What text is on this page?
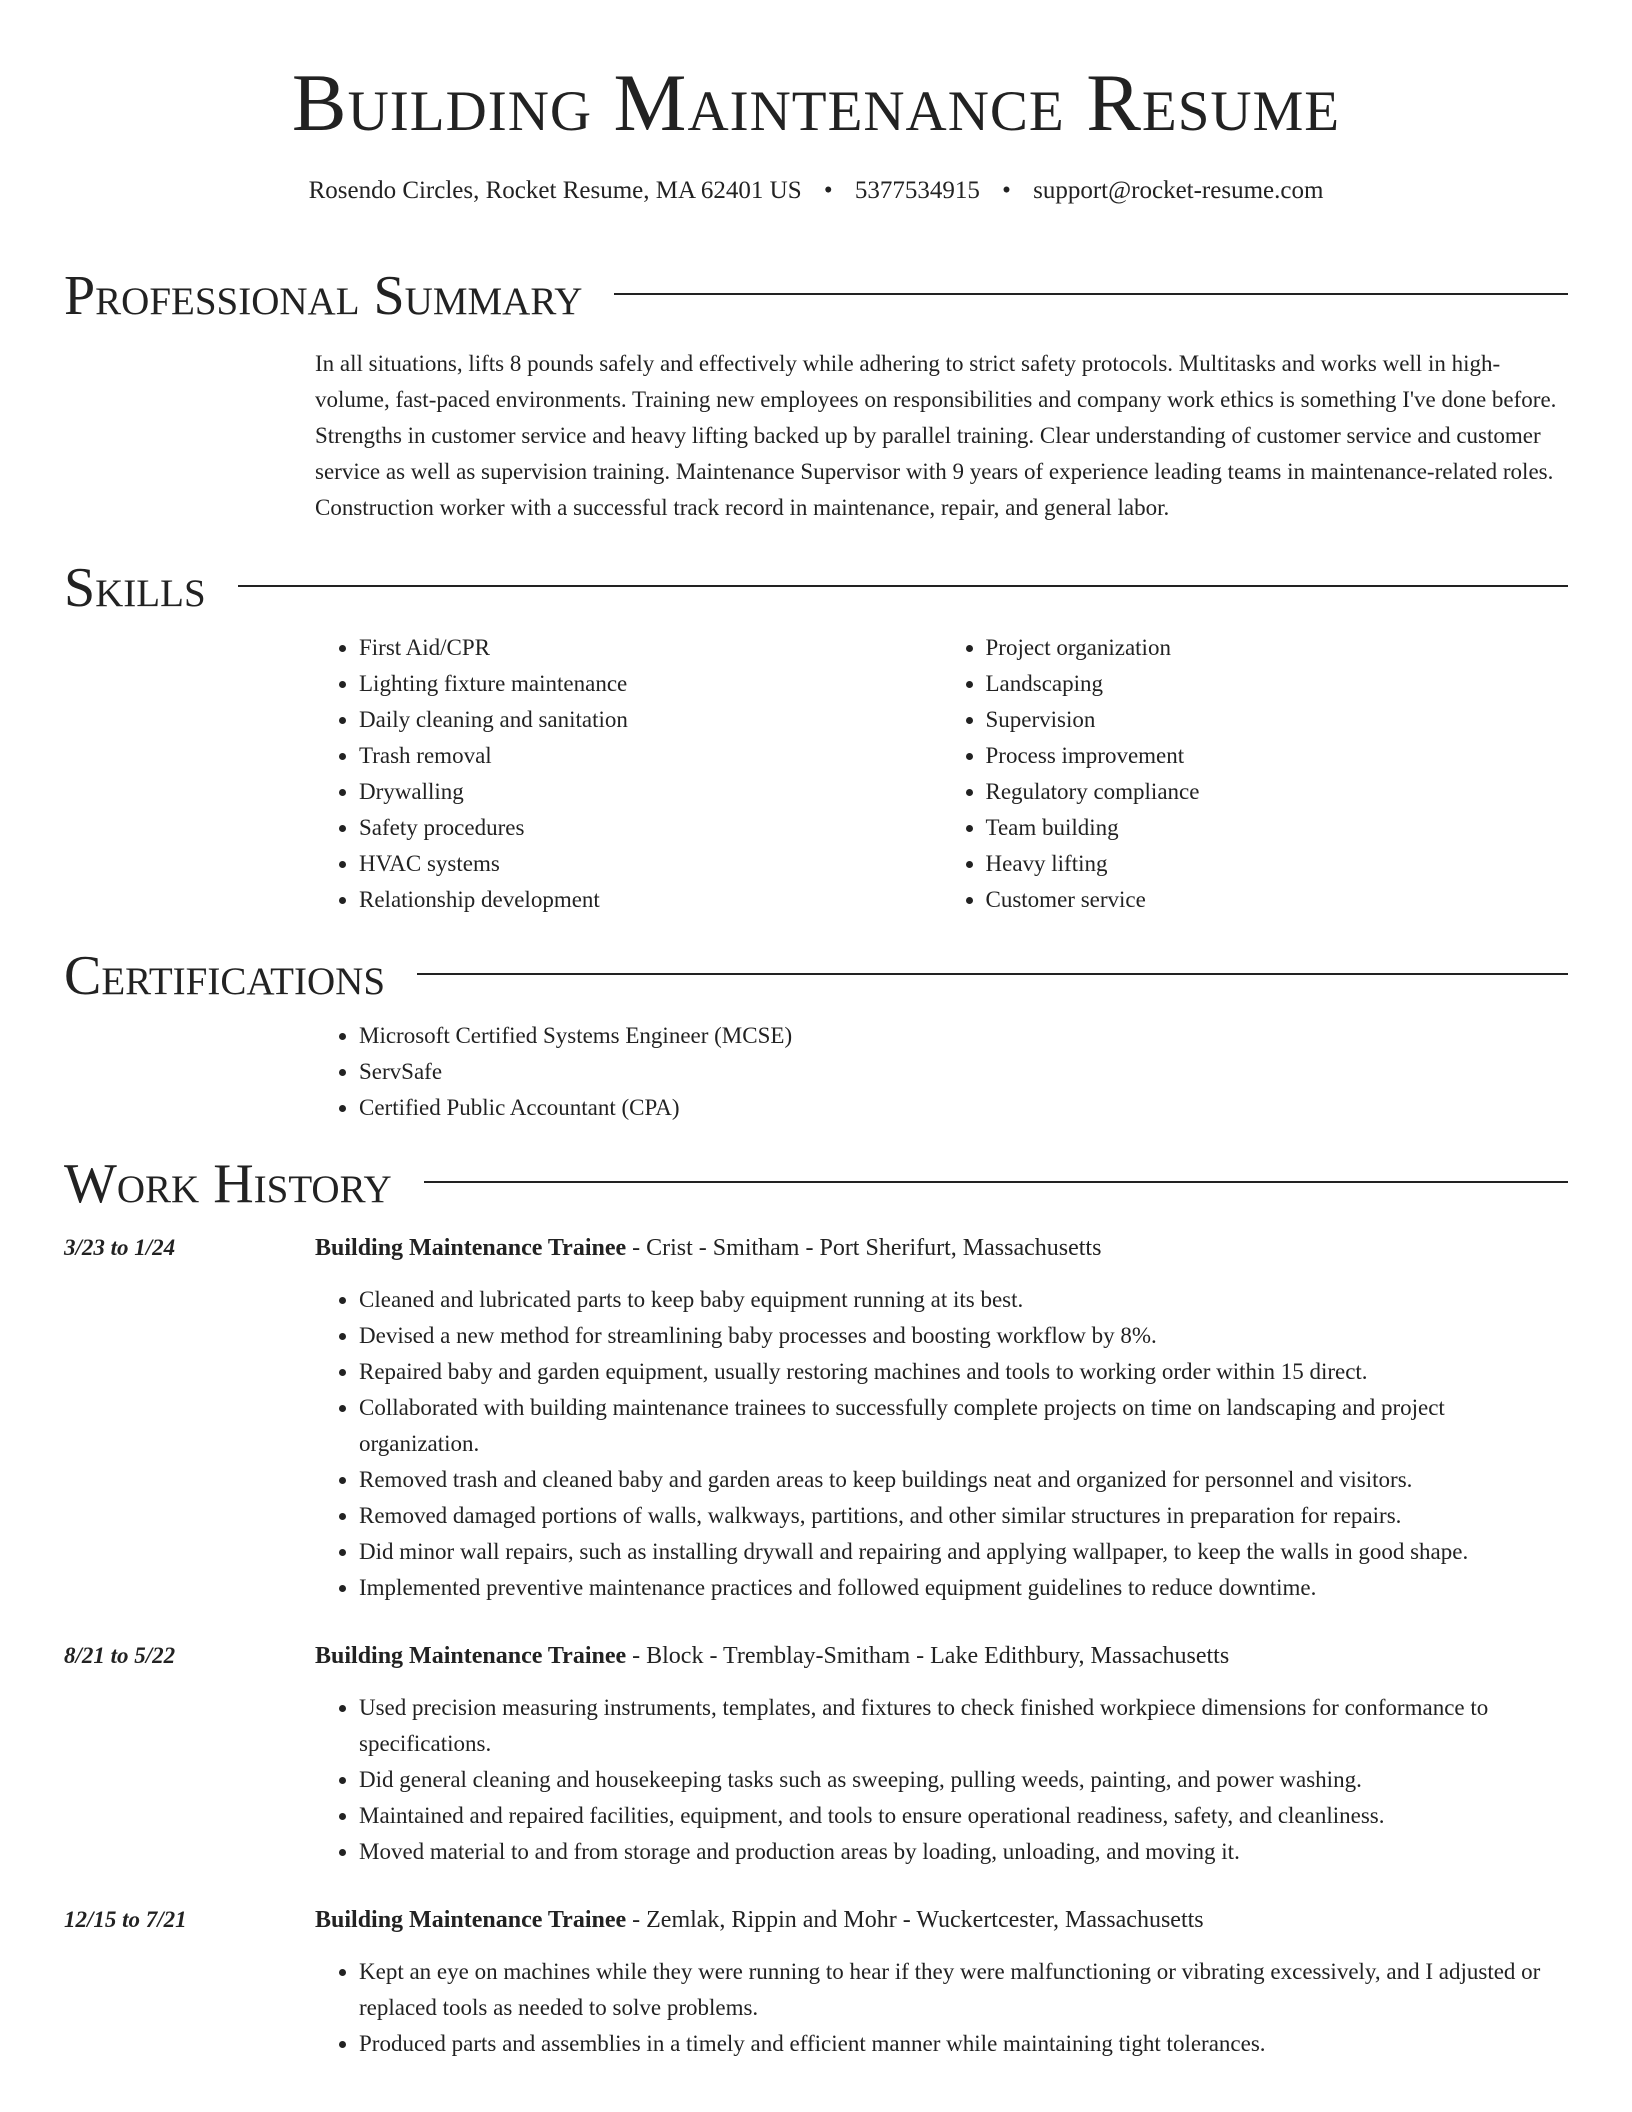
Building Maintenance Resume
Rosendo Circles, Rocket Resume, MA 62401 US • 5377534915 • support@rocket-resume.com
Professional Summary
In all situations, lifts 8 pounds safely and effectively while adhering to strict safety protocols. Multitasks and works well in high-volume, fast-paced environments. Training new employees on responsibilities and company work ethics is something I've done before. Strengths in customer service and heavy lifting backed up by parallel training. Clear understanding of customer service and customer service as well as supervision training. Maintenance Supervisor with 9 years of experience leading teams in maintenance-related roles. Construction worker with a successful track record in maintenance, repair, and general labor.
Skills
• First Aid/CPR
• Lighting fixture maintenance
• Daily cleaning and sanitation
• Trash removal
• Drywalling
• Safety procedures
• HVAC systems
• Relationship development
• Project organization
• Landscaping
• Supervision
• Process improvement
• Regulatory compliance
• Team building
• Heavy lifting
• Customer service
Certifications
• Microsoft Certified Systems Engineer (MCSE)
• ServSafe
• Certified Public Accountant (CPA)
Work History
3/23 to 1/24	Building Maintenance Trainee - Crist - Smitham - Port Sherifurt, Massachusetts
• Cleaned and lubricated parts to keep baby equipment running at its best.
• Devised a new method for streamlining baby processes and boosting workflow by 8%.
• Repaired baby and garden equipment, usually restoring machines and tools to working order within 15 direct.
• Collaborated with building maintenance trainees to successfully complete projects on time on landscaping and project organization.
• Removed trash and cleaned baby and garden areas to keep buildings neat and organized for personnel and visitors.
• Removed damaged portions of walls, walkways, partitions, and other similar structures in preparation for repairs.
• Did minor wall repairs, such as installing drywall and repairing and applying wallpaper, to keep the walls in good shape.
• Implemented preventive maintenance practices and followed equipment guidelines to reduce downtime.
8/21 to 5/22	Building Maintenance Trainee - Block - Tremblay-Smitham - Lake Edithbury, Massachusetts
• Used precision measuring instruments, templates, and fixtures to check finished workpiece dimensions for conformance to specifications.
• Did general cleaning and housekeeping tasks such as sweeping, pulling weeds, painting, and power washing.
• Maintained and repaired facilities, equipment, and tools to ensure operational readiness, safety, and cleanliness.
• Moved material to and from storage and production areas by loading, unloading, and moving it.
12/15 to 7/21	Building Maintenance Trainee - Zemlak, Rippin and Mohr - Wuckertcester, Massachusetts
• Kept an eye on machines while they were running to hear if they were malfunctioning or vibrating excessively, and I adjusted or replaced tools as needed to solve problems.
• Produced parts and assemblies in a timely and efficient manner while maintaining tight tolerances.
